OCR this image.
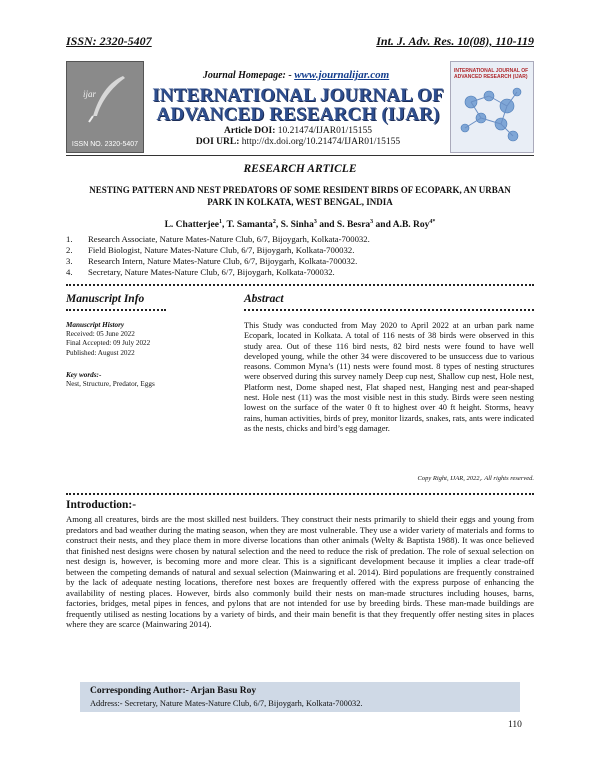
ISSN: 2320-5407	Int. J. Adv. Res. 10(08), 110-119
ijar
ISSN NO. 2320-5407
Journal Homepage: - www.journalijar.com
INTERNATIONAL JOURNAL OF
ADVANCED RESEARCH (IJAR)
Article DOI: 10.21474/IJAR01/15155
DOI URL: http://dx.doi.org/10.21474/IJAR01/15155
INTERNATIONAL JOURNAL OF ADVANCED RESEARCH (IJAR)
RESEARCH ARTICLE
NESTING PATTERN AND NEST PREDATORS OF SOME RESIDENT BIRDS OF ECOPARK, AN URBAN PARK IN KOLKATA, WEST BENGAL, INDIA
L. Chatterjee$^1$, T. Samanta$^2$, S. Sinha$^3$ and S. Besra$^3$ and A.B. Roy$^{4*}$
1.	Research Associate, Nature Mates-Nature Club, 6/7, Bijoygarh, Kolkata-700032.
2.	Field Biologist, Nature Mates-Nature Club, 6/7, Bijoygarh, Kolkata-700032.
3.	Research Intern, Nature Mates-Nature Club, 6/7, Bijoygarh, Kolkata-700032.
4.	Secretary, Nature Mates-Nature Club, 6/7, Bijoygarh, Kolkata-700032.
Manuscript Info	Abstract
Manuscript History
Received: 05 June 2022
Final Accepted: 09 July 2022
Published: August 2022
Key words:-
Nest, Structure, Predator, Eggs

This Study was conducted from May 2020 to April 2022 at an urban park name Ecopark, located in Kolkata. A total of 116 nests of 38 birds were observed in this study area. Out of these 116 bird nests, 82 bird nests were found to have well developed young, while the other 34 were discovered to be unsuccess due to various reasons. Common Myna’s (11) nests were found most. 8 types of nesting structures were observed during this survey namely Deep cup nest, Shallow cup nest, Hole nest, Platform nest, Dome shaped nest, Flat shaped nest, Hanging nest and pear-shaped nest. Hole nest (11) was the most visible nest in this study. Birds were seen nesting lowest on the surface of the water 0 ft to highest over 40 ft height. Storms, heavy rains, human activities, birds of prey, monitor lizards, snakes, rats, ants were indicated as the nests, chicks and bird’s egg damager.

Copy Right, IJAR, 2022,. All rights reserved.
Introduction:-

Among all creatures, birds are the most skilled nest builders. They construct their nests primarily to shield their eggs and young from predators and bad weather during the mating season, when they are most vulnerable. They use a wider variety of materials and forms to construct their nests, and they place them in more diverse locations than other animals (Welty & Baptista 1988). It was once believed that finished nest designs were chosen by natural selection and the need to reduce the risk of predation. The role of sexual selection on nest design is, however, is becoming more and more clear. This is a significant development because it implies a clear trade-off between the competing demands of natural and sexual selection (Mainwaring et al. 2014). Bird populations are frequently constrained by the lack of adequate nesting locations, therefore nest boxes are frequently offered with the express purpose of enhancing the availability of nesting places. However, birds also commonly build their nests on man-made structures including houses, barns, factories, bridges, metal pipes in fences, and pylons that are not intended for use by breeding birds. These man-made buildings are frequently utilised as nesting locations by a variety of birds, and their main benefit is that they frequently offer nesting sites in places where they are scarce (Mainwaring 2014).

Corresponding Author:- Arjan Basu Roy
Address:- Secretary, Nature Mates-Nature Club, 6/7, Bijoygarh, Kolkata-700032.
110
